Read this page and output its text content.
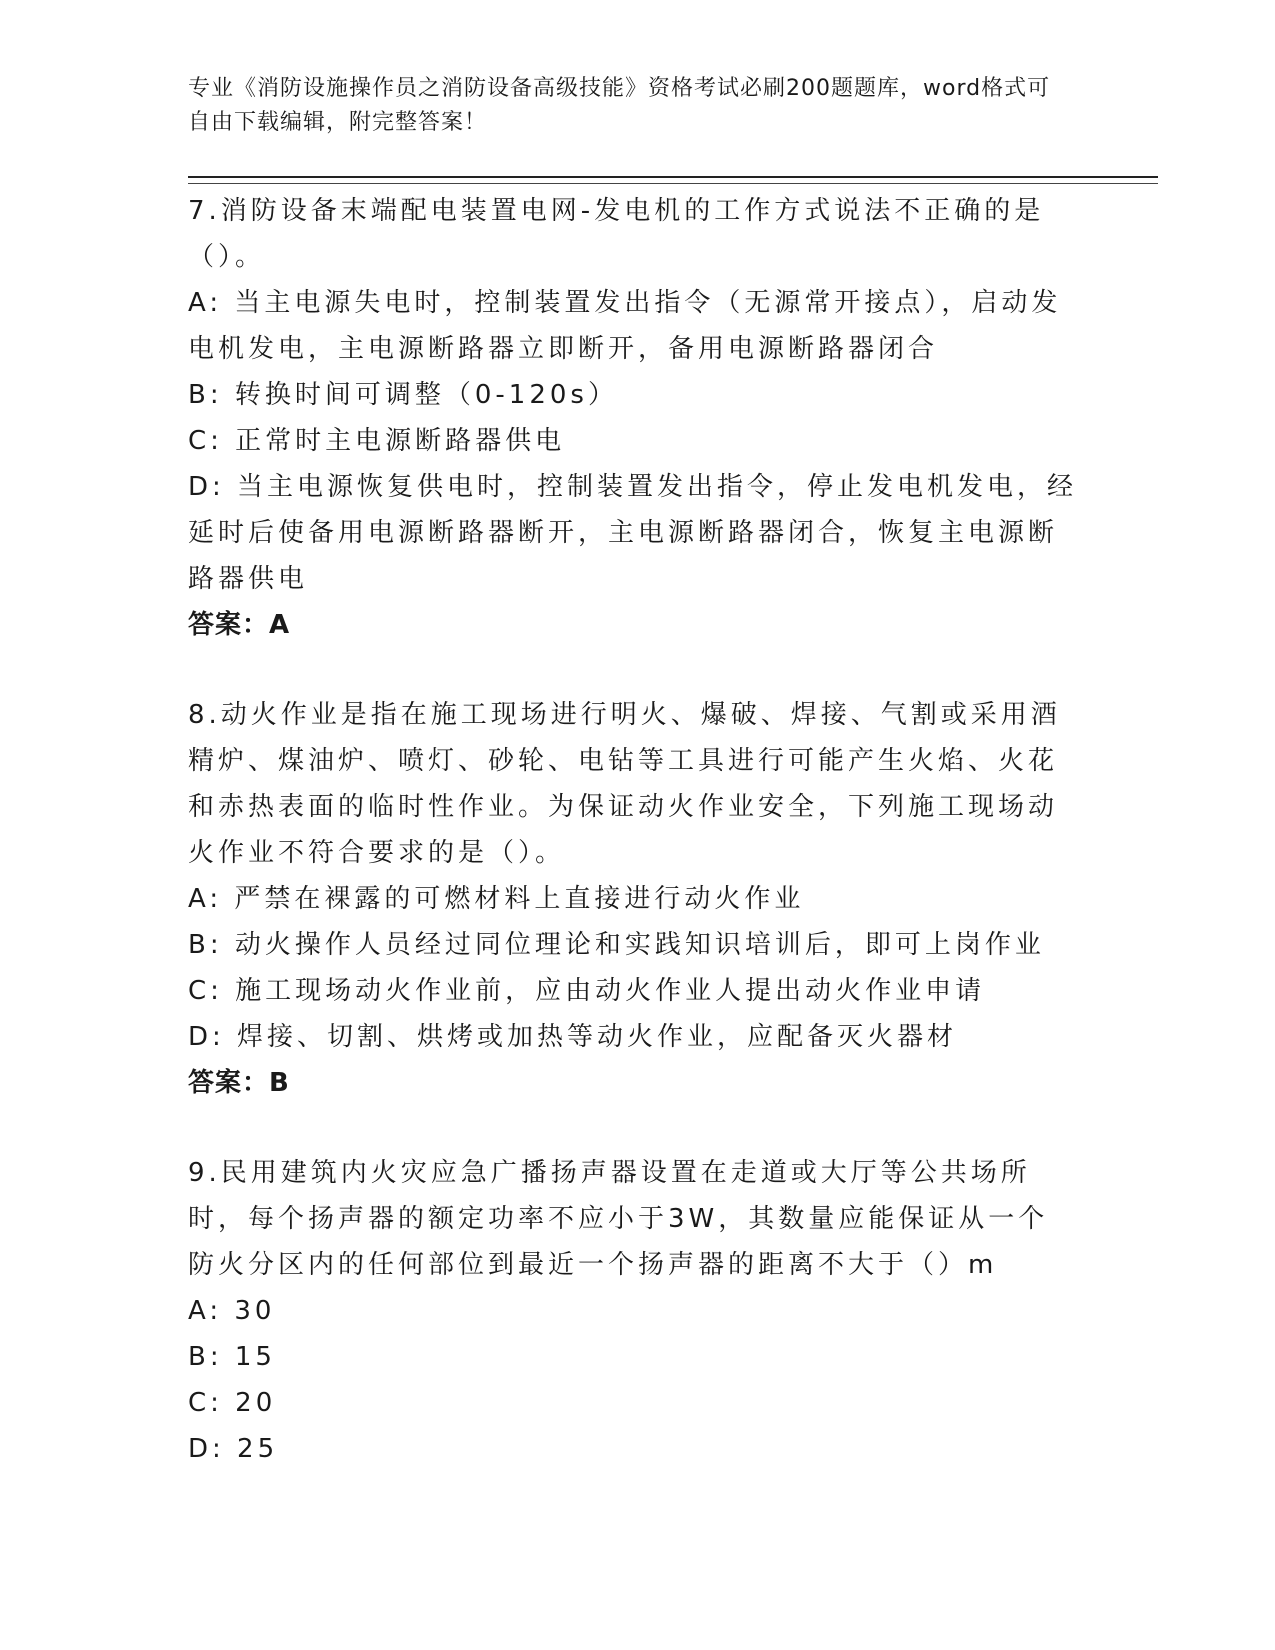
专业《消防设施操作员之消防设备高级技能》资格考试必刷200题题库，word格式可自由下载编辑，附完整答案！
7.消防设备末端配电装置电网-发电机的工作方式说法不正确的是（）。
A: 当主电源失电时，控制装置发出指令（无源常开接点），启动发电机发电，主电源断路器立即断开，备用电源断路器闭合
B: 转换时间可调整（0-120s）
C: 正常时主电源断路器供电
D: 当主电源恢复供电时，控制装置发出指令，停止发电机发电，经延时后使备用电源断路器断开，主电源断路器闭合，恢复主电源断路器供电
答案：A
8.动火作业是指在施工现场进行明火、爆破、焊接、气割或采用酒精炉、煤油炉、喷灯、砂轮、电钻等工具进行可能产生火焰、火花和赤热表面的临时性作业。为保证动火作业安全，下列施工现场动火作业不符合要求的是（）。
A: 严禁在裸露的可燃材料上直接进行动火作业
B: 动火操作人员经过同位理论和实践知识培训后，即可上岗作业
C: 施工现场动火作业前，应由动火作业人提出动火作业申请
D: 焊接、切割、烘烤或加热等动火作业，应配备灭火器材
答案：B
9.民用建筑内火灾应急广播扬声器设置在走道或大厅等公共场所时，每个扬声器的额定功率不应小于3W，其数量应能保证从一个防火分区内的任何部位到最近一个扬声器的距离不大于（）m
A: 30
B: 15
C: 20
D: 25
